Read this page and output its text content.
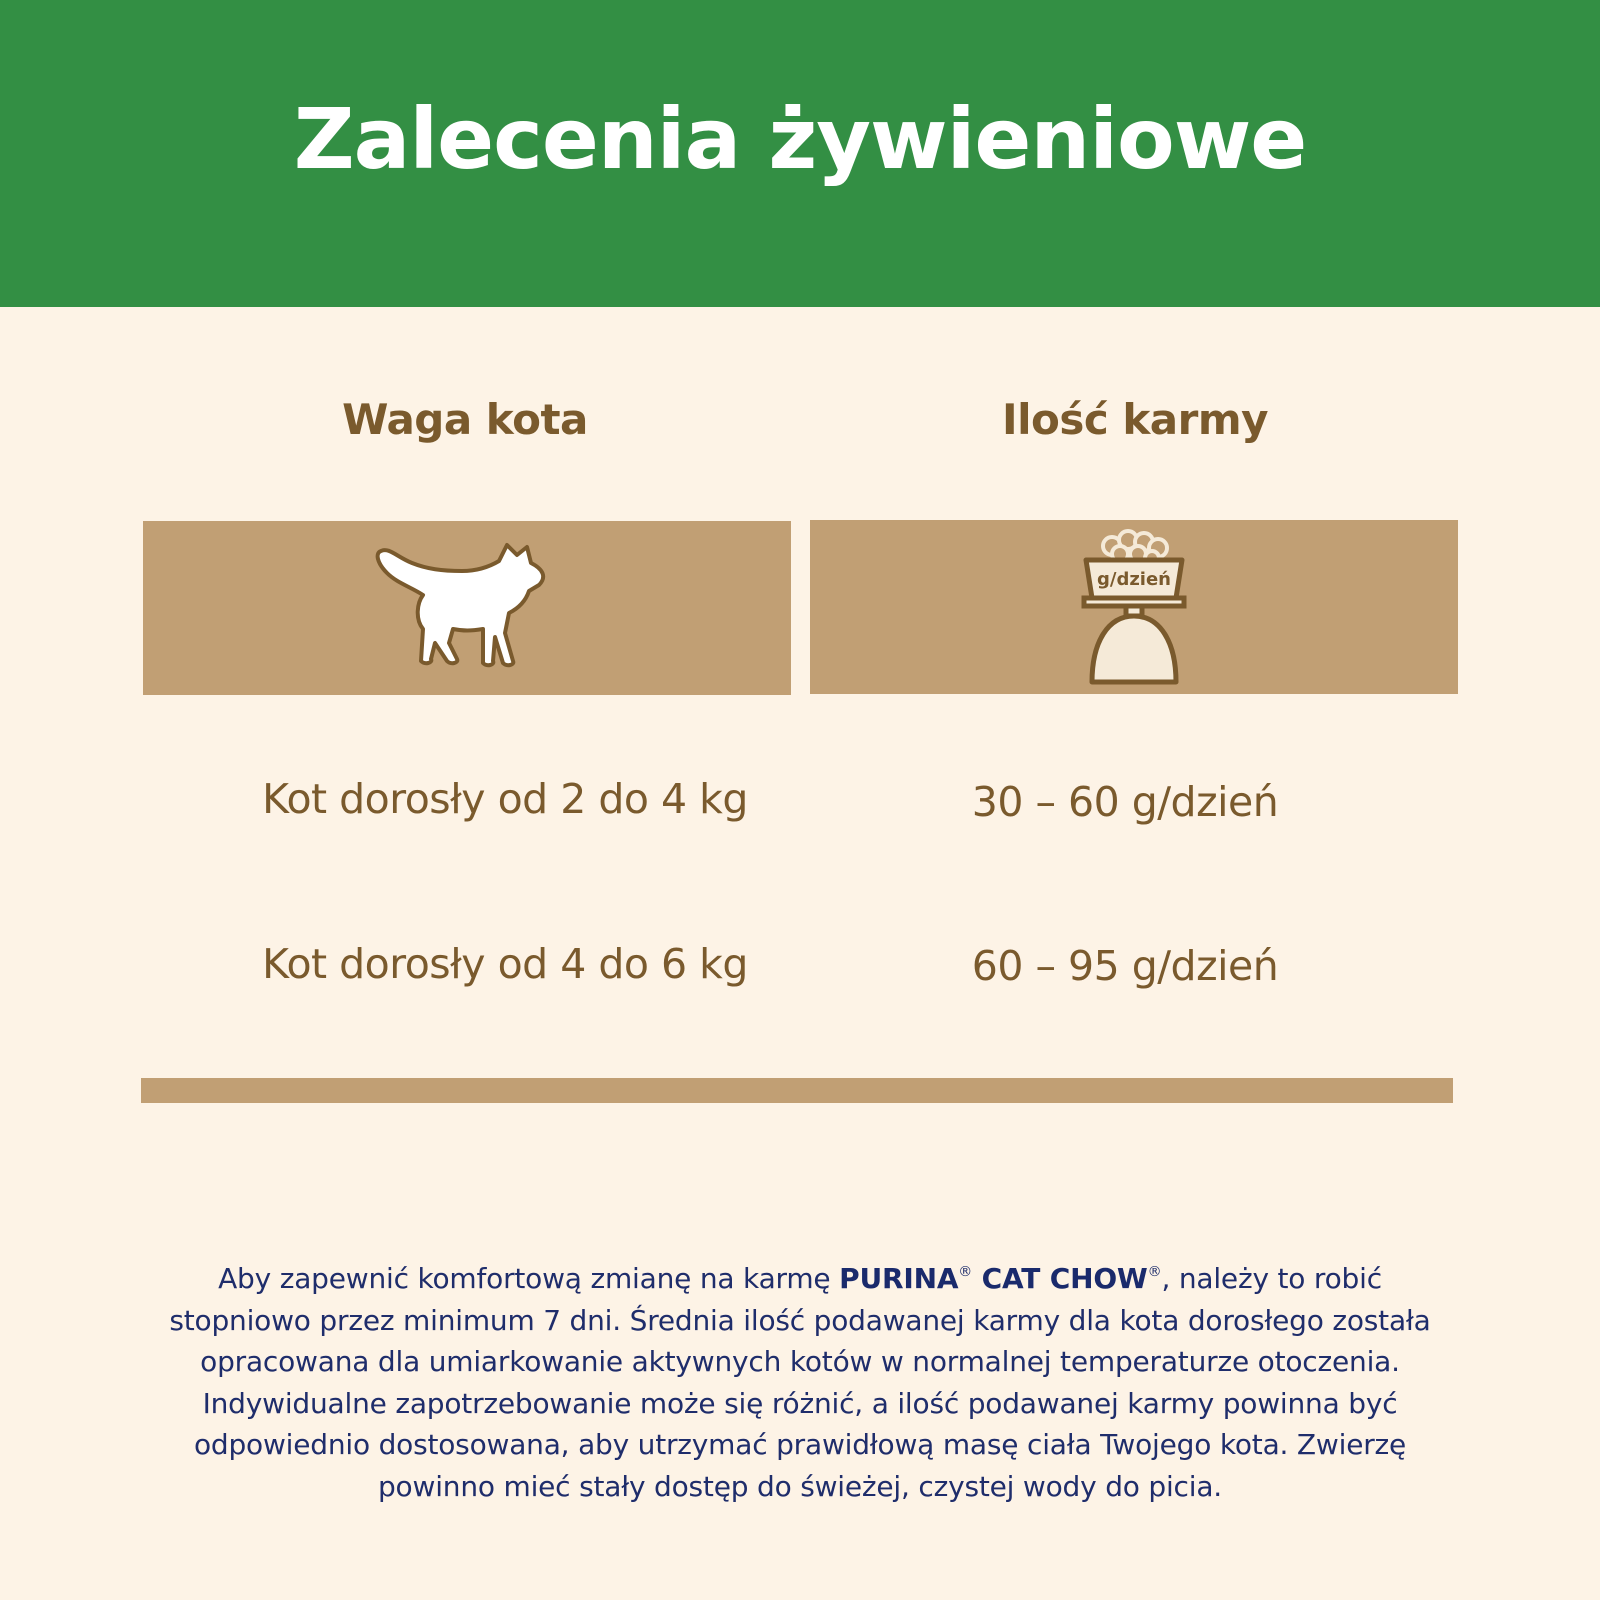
Zalecenia żywieniowe
Waga kota	Ilość karmy
g/dzień
Kot dorosły od 2 do 4 kg	30 – 60 g/dzień
Kot dorosły od 4 do 6 kg	60 – 95 g/dzień
Aby zapewnić komfortową zmianę na karmę PURINA® CAT CHOW®, należy to robić stopniowo przez minimum 7 dni. Średnia ilość podawanej karmy dla kota dorosłego została opracowana dla umiarkowanie aktywnych kotów w normalnej temperaturze otoczenia. Indywidualne zapotrzebowanie może się różnić, a ilość podawanej karmy powinna być odpowiednio dostosowana, aby utrzymać prawidłową masę ciała Twojego kota. Zwierzę powinno mieć stały dostęp do świeżej, czystej wody do picia.
